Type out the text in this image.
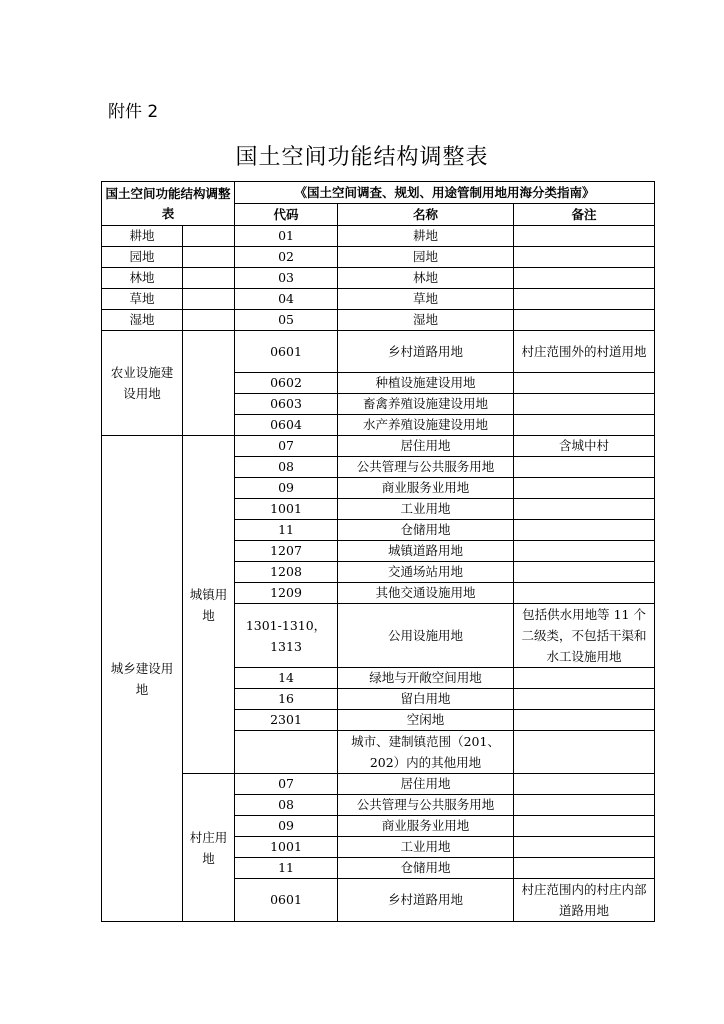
附件 2
国土空间功能结构调整表
国土空间功能结构调整表		《国土空间调查、规划、用途管制用地用海分类指南》		
		代码	名称	备注
耕地		01	耕地	
园地		02	园地	
林地		03	林地	
草地		04	草地	
湿地		05	湿地	
农业设施建设用地		0601	乡村道路用地	村庄范围外的村道用地
		0602	种植设施建设用地	
		0603	畜禽养殖设施建设用地	
		0604	水产养殖设施建设用地	
城乡建设用地	城镇用地	07	居住用地	含城中村
		08	公共管理与公共服务用地	
		09	商业服务业用地	
		1001	工业用地	
		11	仓储用地	
		1207	城镇道路用地	
		1208	交通场站用地	
		1209	其他交通设施用地	
		1301-1310，1313	公用设施用地	包括供水用地等 11 个二级类，不包括干渠和水工设施用地
		14	绿地与开敞空间用地	
		16	留白用地	
		2301	空闲地	
			城市、建制镇范围（201、202）内的其他用地	
	村庄用地	07	居住用地	
		08	公共管理与公共服务用地	
		09	商业服务业用地	
		1001	工业用地	
		11	仓储用地	
		0601	乡村道路用地	村庄范围内的村庄内部道路用地
